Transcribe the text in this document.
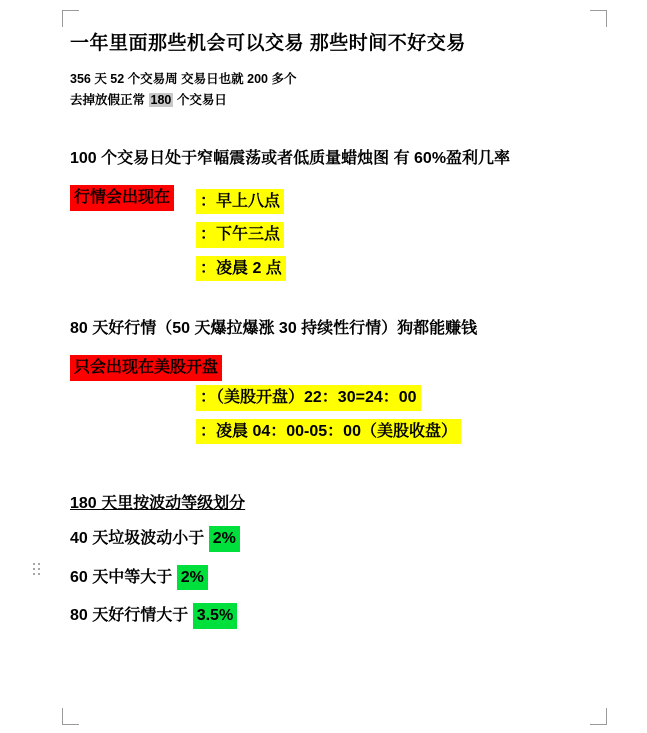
一年里面那些机会可以交易 那些时间不好交易
356 天 52 个交易周 交易日也就 200 多个
去掉放假正常 180 个交易日
100 个交易日处于窄幅震荡或者低质量蜡烛图 有 60%盈利几率
行情会出现在	：早上八点
：下午三点
：凌晨 2 点
80 天好行情（50 天爆拉爆涨 30 持续性行情）狗都能赚钱
只会出现在美股开盘
：（美股开盘）22：30=24：00
：凌晨 04：00-05：00（美股收盘）
180 天里按波动等级划分
40 天垃圾波动小于 2%
60 天中等大于 2%
80 天好行情大于 3.5%
